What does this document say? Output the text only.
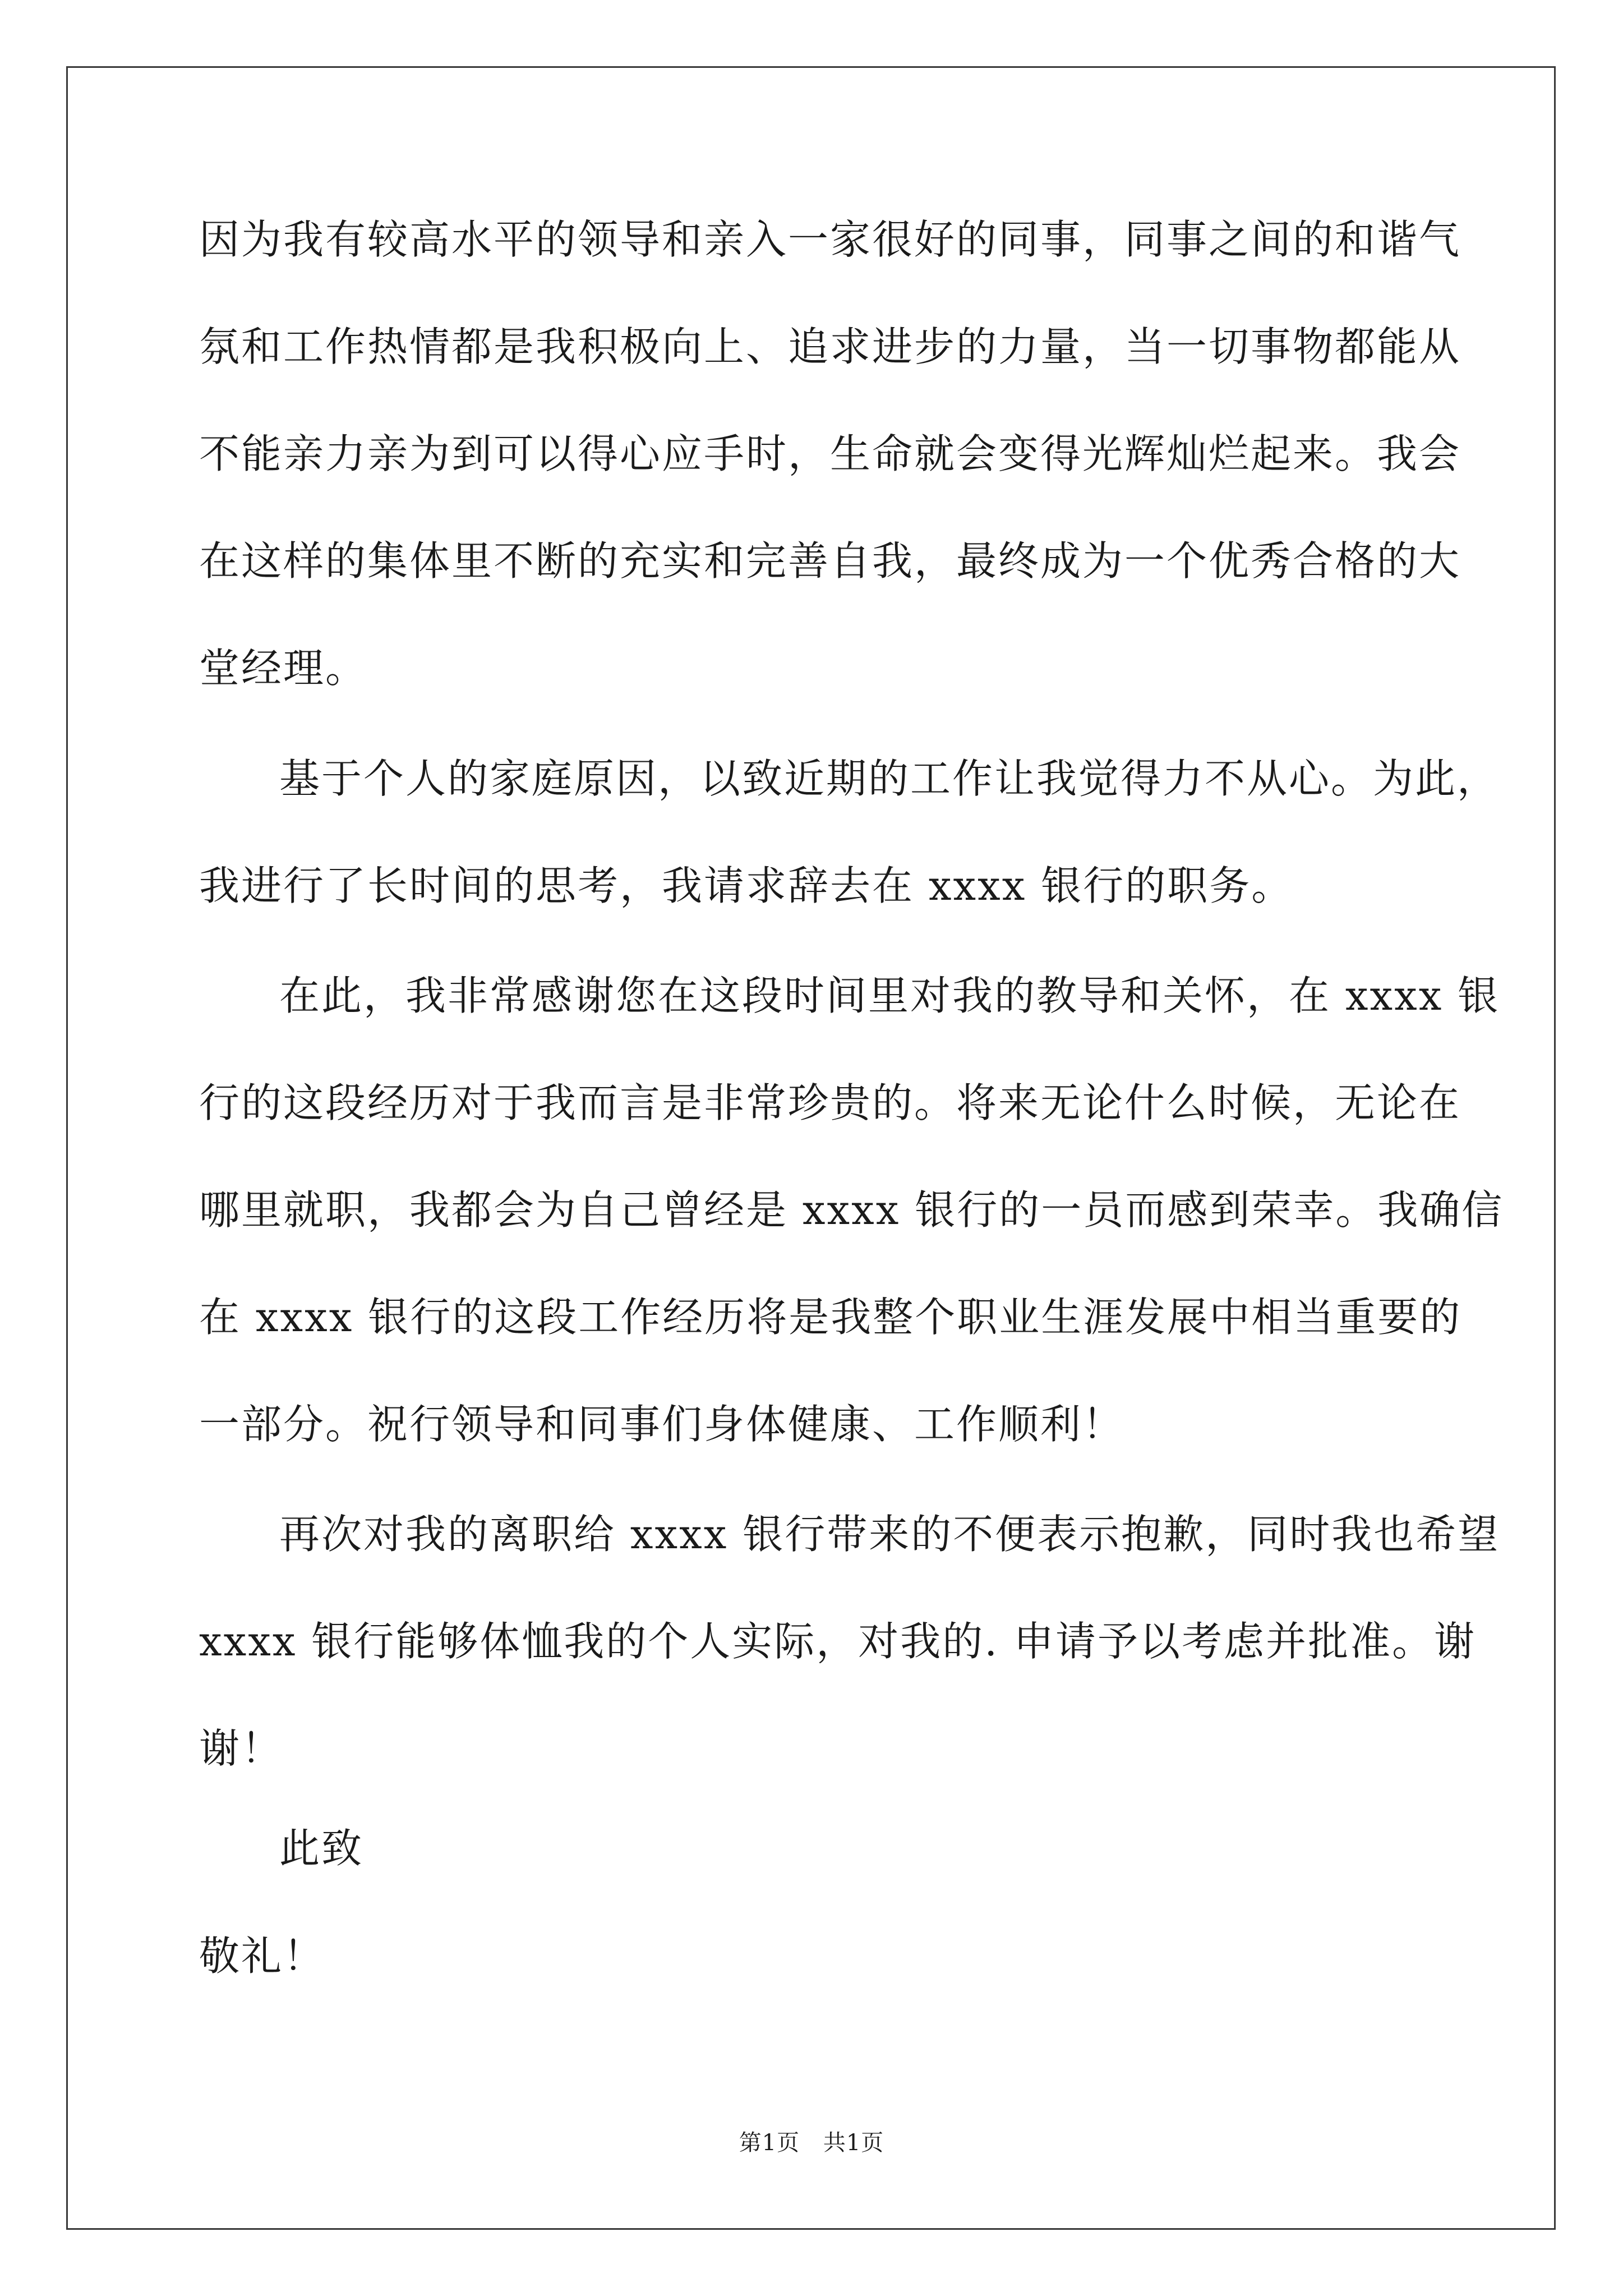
因为我有较高水平的领导和亲入一家很好的同事，同事之间的和谐气
氛和工作热情都是我积极向上、追求进步的力量，当一切事物都能从
不能亲力亲为到可以得心应手时，生命就会变得光辉灿烂起来。我会
在这样的集体里不断的充实和完善自我，最终成为一个优秀合格的大
堂经理。
基于个人的家庭原因，以致近期的工作让我觉得力不从心。为此，
我进行了长时间的思考，我请求辞去在 xxxx 银行的职务。
在此，我非常感谢您在这段时间里对我的教导和关怀，在 xxxx 银
行的这段经历对于我而言是非常珍贵的。将来无论什么时候，无论在
哪里就职，我都会为自己曾经是 xxxx 银行的一员而感到荣幸。我确信
在 xxxx 银行的这段工作经历将是我整个职业生涯发展中相当重要的
一部分。祝行领导和同事们身体健康、工作顺利！
再次对我的离职给 xxxx 银行带来的不便表示抱歉，同时我也希望
xxxx 银行能够体恤我的个人实际，对我的. 申请予以考虑并批准。谢
谢！
此致
敬礼！
第1页 共1页
